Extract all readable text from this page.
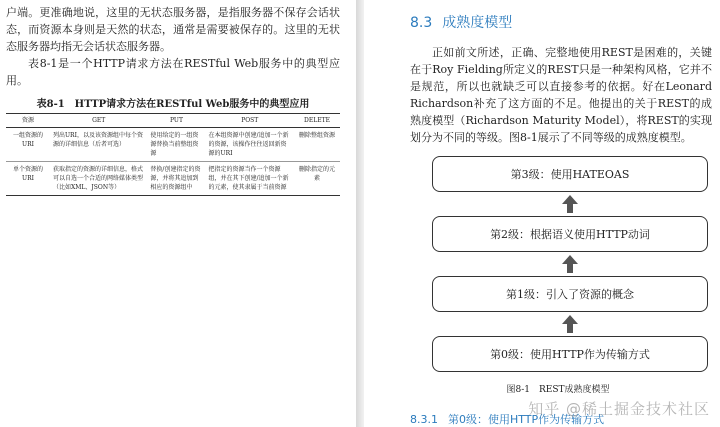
户端。更准确地说，这里的无状态服务器，是指服务器不保存会话状态，而资源本身则是天然的状态，通常是需要被保存的。这里的无状态服务器均指无会话状态服务器。

表8-1是一个HTTP请求方法在RESTful Web服务中的典型应用。

表8-1　HTTP请求方法在RESTful Web服务中的典型应用
资源	GET	PUT	POST	DELETE
一组资源的URI	列出URI，以及该资源组中每个资源的详细信息（后者可选）	使用给定的一组资源替换当前整组资源	在本组资源中创建/追加一个新的资源，该操作往往返回新资源的URI	删除整组资源
单个资源的URI	获取指定的资源的详细信息，格式可以自选一个合适的网络媒体类型（比如XML、JSON等）	替换/创建指定的资源，并将其追加到相应的资源组中	把指定的资源当作一个资源组，并在其下创建/追加一个新的元素，使其隶属于当前资源	删除指定的元素
8.3 成熟度模型

正如前文所述，正确、完整地使用REST是困难的，关键在于Roy Fielding所定义的REST只是一种架构风格，它并不是规范，所以也就缺乏可以直接参考的依据。好在Leonard Richardson补充了这方面的不足。他提出的关于REST的成熟度模型（Richardson Maturity Model），将REST的实现划分为不同的等级。图8-1展示了不同等级的成熟度模型。

第3级：使用HATEOAS
第2级：根据语义使用HTTP动词
第1级：引入了资源的概念
第0级：使用HTTP作为传输方式
图8-1　REST成熟度模型
8.3.1 第0级：使用HTTP作为传输方式
知乎 @稀土掘金技术社区
